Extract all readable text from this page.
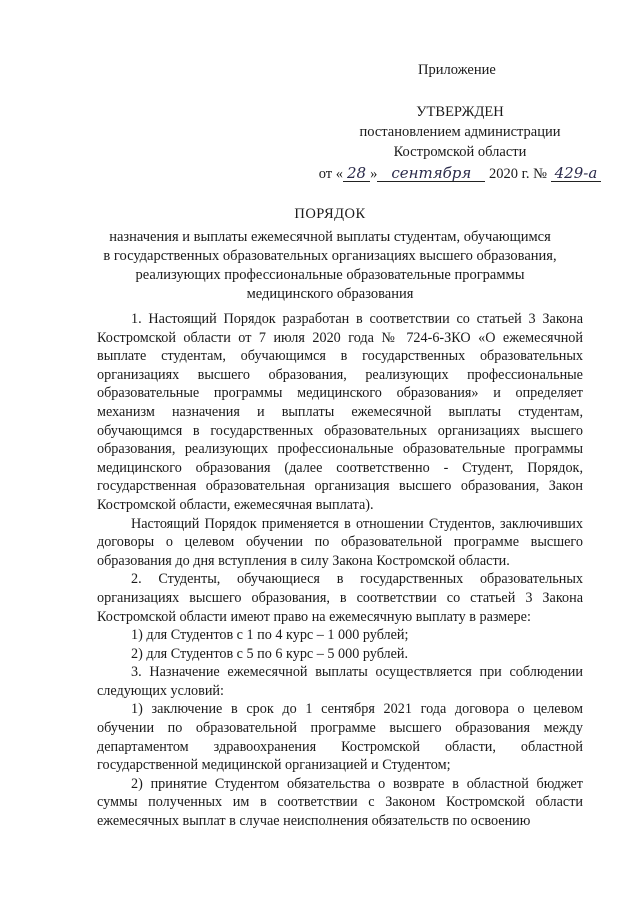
Приложение
УТВЕРЖДЕН
постановлением администрации
Костромской области
от « 28 » сентября 2020 г. № 429-а
ПОРЯДОК
назначения и выплаты ежемесячной выплаты студентам, обучающимся
в государственных образовательных организациях высшего образования,
реализующих профессиональные образовательные программы
медицинского образования

1. Настоящий Порядок разработан в соответствии со статьей 3 Закона Костромской области от 7 июля 2020 года № 724-6-ЗКО «О ежемесячной выплате студентам, обучающимся в государственных образовательных организациях высшего образования, реализующих профессиональные образовательные программы медицинского образования» и определяет механизм назначения и выплаты ежемесячной выплаты студентам, обучающимся в государственных образовательных организациях высшего образования, реализующих профессиональные образовательные программы медицинского образования (далее соответственно - Студент, Порядок, государственная образовательная организация высшего образования, Закон Костромской области, ежемесячная выплата).

Настоящий Порядок применяется в отношении Студентов, заключивших договоры о целевом обучении по образовательной программе высшего образования до дня вступления в силу Закона Костромской области.

2. Студенты, обучающиеся в государственных образовательных организациях высшего образования, в соответствии со статьей 3 Закона Костромской области имеют право на ежемесячную выплату в размере:

1) для Студентов с 1 по 4 курс – 1 000 рублей;

2) для Студентов с 5 по 6 курс – 5 000 рублей.

3. Назначение ежемесячной выплаты осуществляется при соблюдении следующих условий:

1) заключение в срок до 1 сентября 2021 года договора о целевом обучении по образовательной программе высшего образования между департаментом здравоохранения Костромской области, областной государственной медицинской организацией и Студентом;

2) принятие Студентом обязательства о возврате в областной бюджет суммы полученных им в соответствии с Законом Костромской области ежемесячных выплат в случае неисполнения обязательств по освоению
